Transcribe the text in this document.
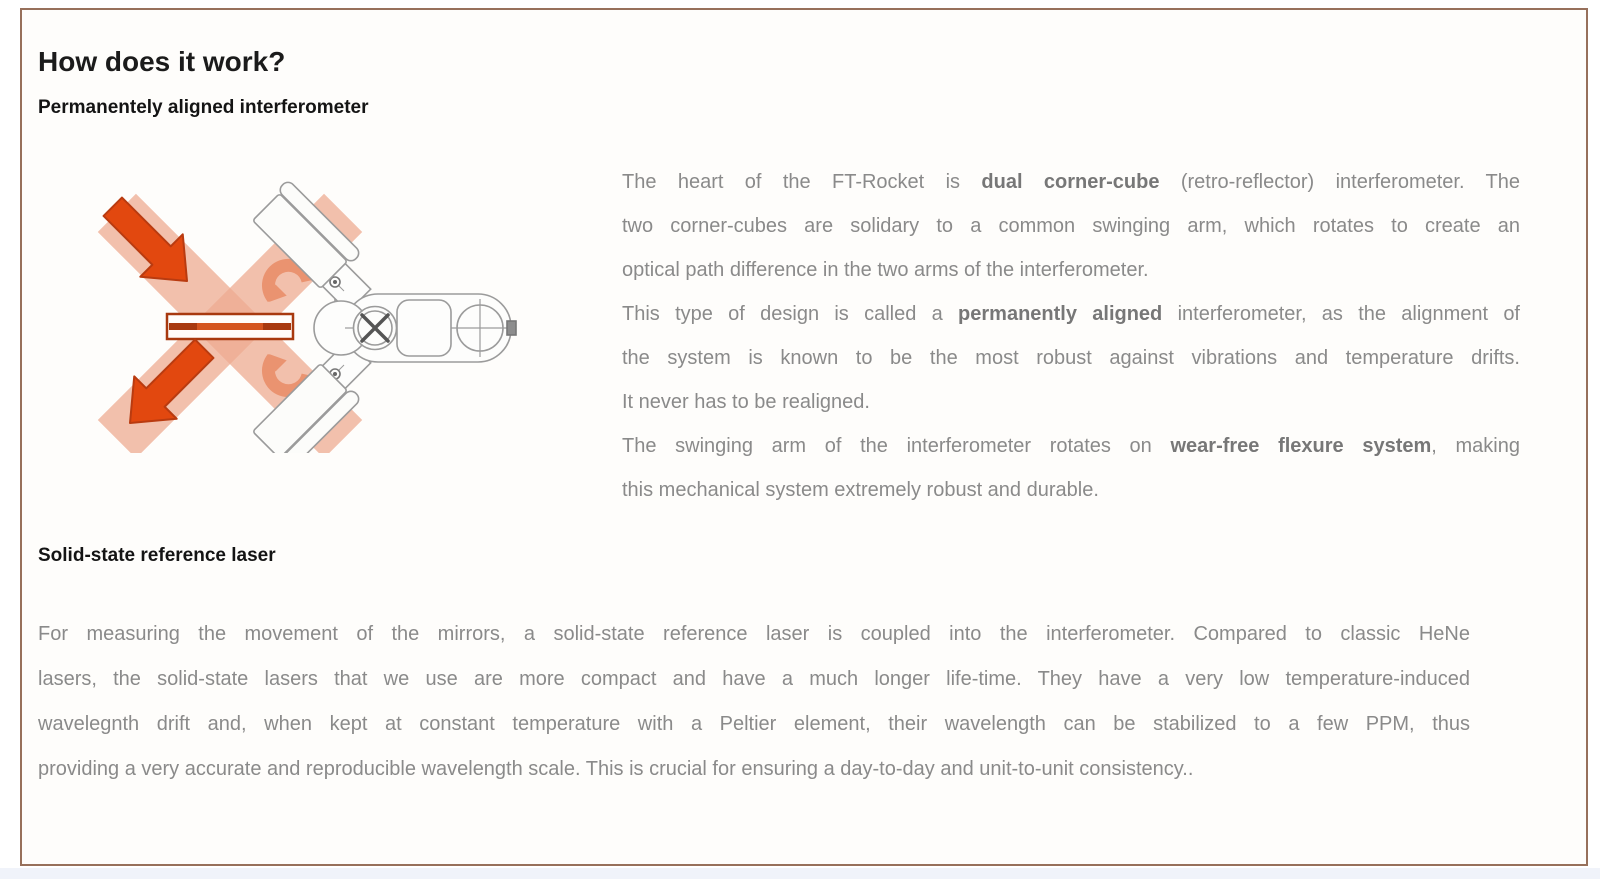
How does it work?
Permanentely aligned interferometer
The heart of the FT-Rocket is dual corner-cube (retro-reflector) interferometer. The
two corner-cubes are solidary to a common swinging arm, which rotates to create an
optical path difference in the two arms of the interferometer.
This type of design is called a permanently aligned interferometer, as the alignment of
the system is known to be the most robust against vibrations and temperature drifts.
It never has to be realigned.
The swinging arm of the interferometer rotates on wear-free flexure system, making
this mechanical system extremely robust and durable.
Solid-state reference laser
For measuring the movement of the mirrors, a solid-state reference laser is coupled into the interferometer. Compared to classic HeNe
lasers, the solid-state lasers that we use are more compact and have a much longer life-time. They have a very low temperature-induced
wavelegnth drift and, when kept at constant temperature with a Peltier element, their wavelength can be stabilized to a few PPM, thus
providing a very accurate and reproducible wavelength scale. This is crucial for ensuring a day-to-day and unit-to-unit consistency..
